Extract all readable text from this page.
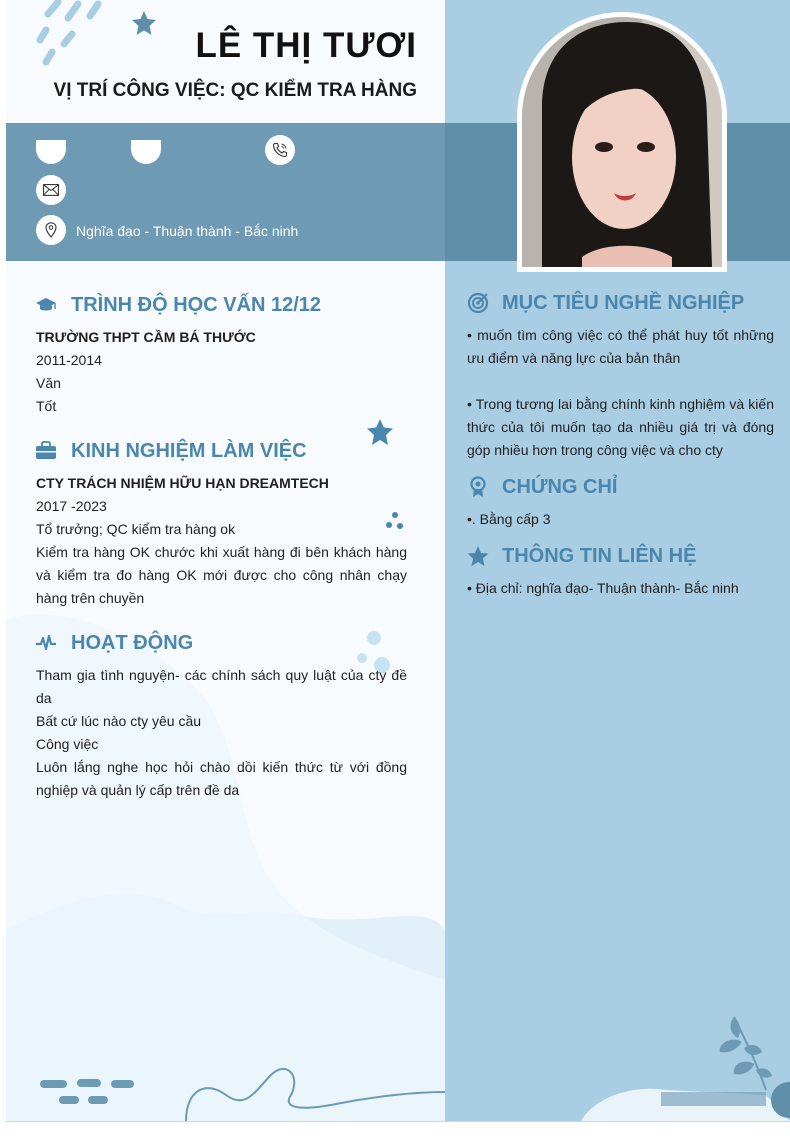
LÊ THỊ TƯƠI
VỊ TRÍ CÔNG VIỆC: QC KIỂM TRA HÀNG
Nghĩa đạo - Thuận thành - Bắc ninh
TRÌNH ĐỘ HỌC VẤN 12/12
TRƯỜNG THPT CẦM BÁ THƯỚC
2011-2014
Văn
Tốt
KINH NGHIỆM LÀM VIỆC
CTY TRÁCH NHIỆM HỮU HẠN DREAMTECH
2017 -2023
Tổ trưởng; QC kiểm tra hàng ok
Kiểm tra hàng OK chước khi xuất hàng đi bên khách hàng và kiểm tra đo hàng OK mới được cho công nhân chạy hàng trên chuyền
HOẠT ĐỘNG
Tham gia tình nguyện- các chính sách quy luật của cty đề da
Bất cứ lúc nào cty yêu cầu
Công việc
Luôn lắng nghe học hỏi chào dồi kiến thức từ với đồng nghiệp và quản lý cấp trên đề da
MỤC TIÊU NGHỀ NGHIỆP
• muốn tìm công việc có thể phát huy tốt những ưu điểm và năng lực của bản thân
• Trong tương lai bằng chính kinh nghiệm và kiến thức của tôi muốn tạo da nhiều giá trị và đóng góp nhiều hơn trong công việc và cho cty
CHỨNG CHỈ
•. Bằng cấp 3
THÔNG TIN LIÊN HỆ
• Địa chỉ: nghĩa đạo- Thuận thành- Bắc ninh
